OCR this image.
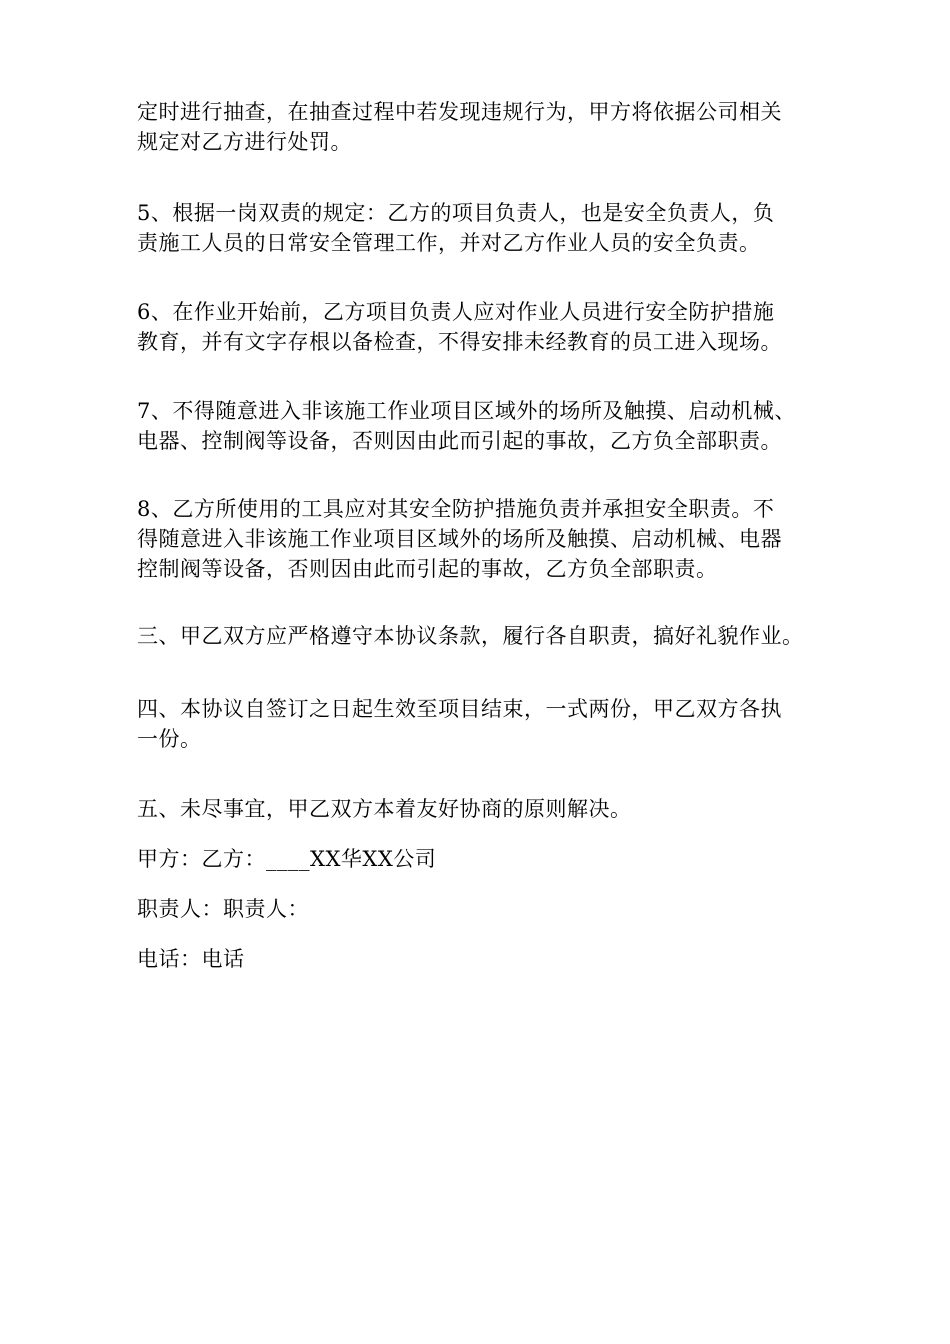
定时进行抽查，在抽查过程中若发现违规行为，甲方将依据公司相关
规定对乙方进行处罚。
5、根据一岗双责的规定：乙方的项目负责人，也是安全负责人，负
责施工人员的日常安全管理工作，并对乙方作业人员的安全负责。
6、在作业开始前，乙方项目负责人应对作业人员进行安全防护措施
教育，并有文字存根以备检查，不得安排未经教育的员工进入现场。
7、不得随意进入非该施工作业项目区域外的场所及触摸、启动机械、
电器、控制阀等设备，否则因由此而引起的事故，乙方负全部职责。
8、乙方所使用的工具应对其安全防护措施负责并承担安全职责。不
得随意进入非该施工作业项目区域外的场所及触摸、启动机械、电器
控制阀等设备，否则因由此而引起的事故，乙方负全部职责。
三、甲乙双方应严格遵守本协议条款，履行各自职责，搞好礼貌作业。
四、本协议自签订之日起生效至项目结束，一式两份，甲乙双方各执
一份。
五、未尽事宜，甲乙双方本着友好协商的原则解决。
甲方：乙方：____XX华XX公司
职责人：职责人：
电话：电话
